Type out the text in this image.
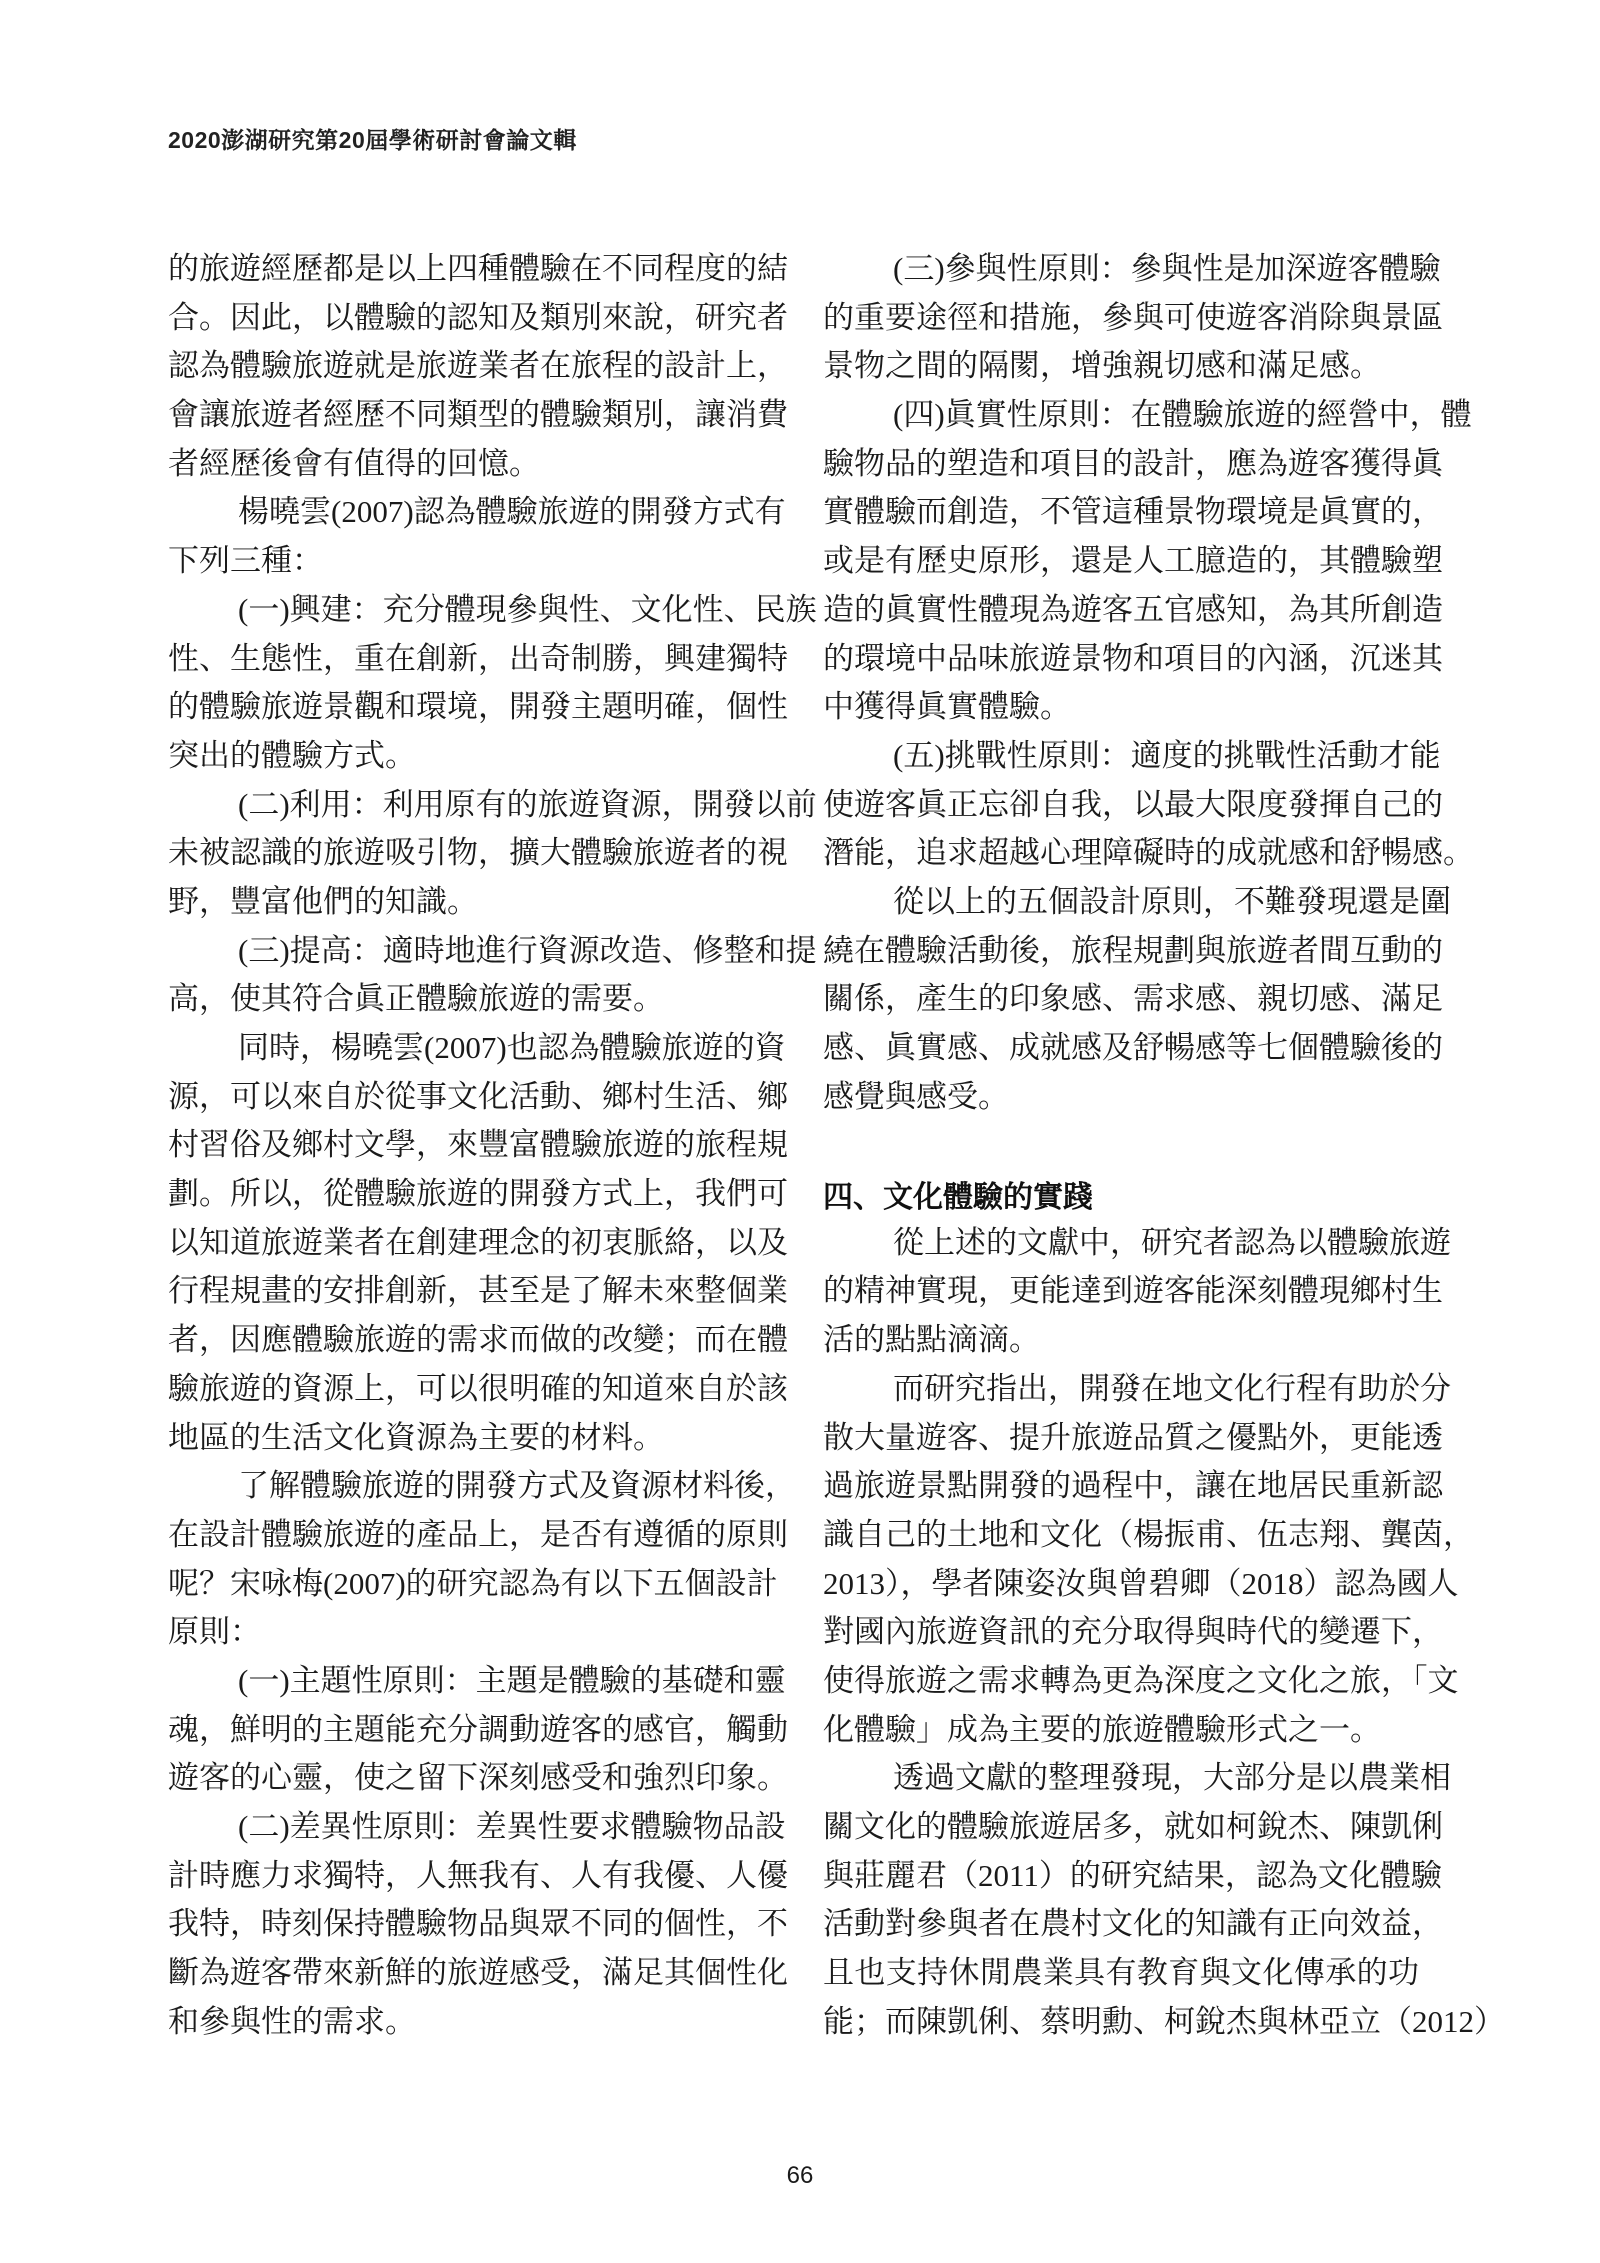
2020澎湖研究第20屆學術研討會論文輯
的旅遊經歷都是以上四種體驗在不同程度的結
合。因此，以體驗的認知及類別來說，研究者
認為體驗旅遊就是旅遊業者在旅程的設計上，
會讓旅遊者經歷不同類型的體驗類別，讓消費
者經歷後會有值得的回憶。
楊曉雲(2007)認為體驗旅遊的開發方式有
下列三種：
(一)興建：充分體現參與性、文化性、民族
性、生態性，重在創新，出奇制勝，興建獨特
的體驗旅遊景觀和環境，開發主題明確，個性
突出的體驗方式。
(二)利用：利用原有的旅遊資源，開發以前
未被認識的旅遊吸引物，擴大體驗旅遊者的視
野，豐富他們的知識。
(三)提高：適時地進行資源改造、修整和提
高，使其符合眞正體驗旅遊的需要。
同時，楊曉雲(2007)也認為體驗旅遊的資
源，可以來自於從事文化活動、鄉村生活、鄉
村習俗及鄉村文學，來豐富體驗旅遊的旅程規
劃。所以，從體驗旅遊的開發方式上，我們可
以知道旅遊業者在創建理念的初衷脈絡，以及
行程規畫的安排創新，甚至是了解未來整個業
者，因應體驗旅遊的需求而做的改變；而在體
驗旅遊的資源上，可以很明確的知道來自於該
地區的生活文化資源為主要的材料。
了解體驗旅遊的開發方式及資源材料後，
在設計體驗旅遊的產品上，是否有遵循的原則
呢？宋咏梅(2007)的研究認為有以下五個設計
原則：
(一)主題性原則：主題是體驗的基礎和靈
魂，鮮明的主題能充分調動遊客的感官，觸動
遊客的心靈，使之留下深刻感受和強烈印象。
(二)差異性原則：差異性要求體驗物品設
計時應力求獨特，人無我有、人有我優、人優
我特，時刻保持體驗物品與眾不同的個性，不
斷為遊客帶來新鮮的旅遊感受，滿足其個性化
和參與性的需求。
(三)參與性原則：參與性是加深遊客體驗
的重要途徑和措施，參與可使遊客消除與景區
景物之間的隔閡，增強親切感和滿足感。
(四)眞實性原則：在體驗旅遊的經營中，體
驗物品的塑造和項目的設計，應為遊客獲得眞
實體驗而創造，不管這種景物環境是眞實的，
或是有歷史原形，還是人工臆造的，其體驗塑
造的眞實性體現為遊客五官感知，為其所創造
的環境中品味旅遊景物和項目的內涵，沉迷其
中獲得眞實體驗。
(五)挑戰性原則：適度的挑戰性活動才能
使遊客眞正忘卻自我，以最大限度發揮自己的
潛能，追求超越心理障礙時的成就感和舒暢感。
從以上的五個設計原則，不難發現還是圍
繞在體驗活動後，旅程規劃與旅遊者間互動的
關係，產生的印象感、需求感、親切感、滿足
感、眞實感、成就感及舒暢感等七個體驗後的
感覺與感受。
四、文化體驗的實踐
從上述的文獻中，研究者認為以體驗旅遊
的精神實現，更能達到遊客能深刻體現鄉村生
活的點點滴滴。
而研究指出，開發在地文化行程有助於分
散大量遊客、提升旅遊品質之優點外，更能透
過旅遊景點開發的過程中，讓在地居民重新認
識自己的土地和文化（楊振甫、伍志翔、龔茵，
2013），學者陳姿汝與曾碧卿（2018）認為國人
對國內旅遊資訊的充分取得與時代的變遷下，
使得旅遊之需求轉為更為深度之文化之旅，「文
化體驗」成為主要的旅遊體驗形式之一。
透過文獻的整理發現，大部分是以農業相
關文化的體驗旅遊居多，就如柯銳杰、陳凱俐
與莊麗君（2011）的研究結果，認為文化體驗
活動對參與者在農村文化的知識有正向效益，
且也支持休閒農業具有教育與文化傳承的功
能；而陳凱俐、蔡明勳、柯銳杰與林亞立（2012）
66
